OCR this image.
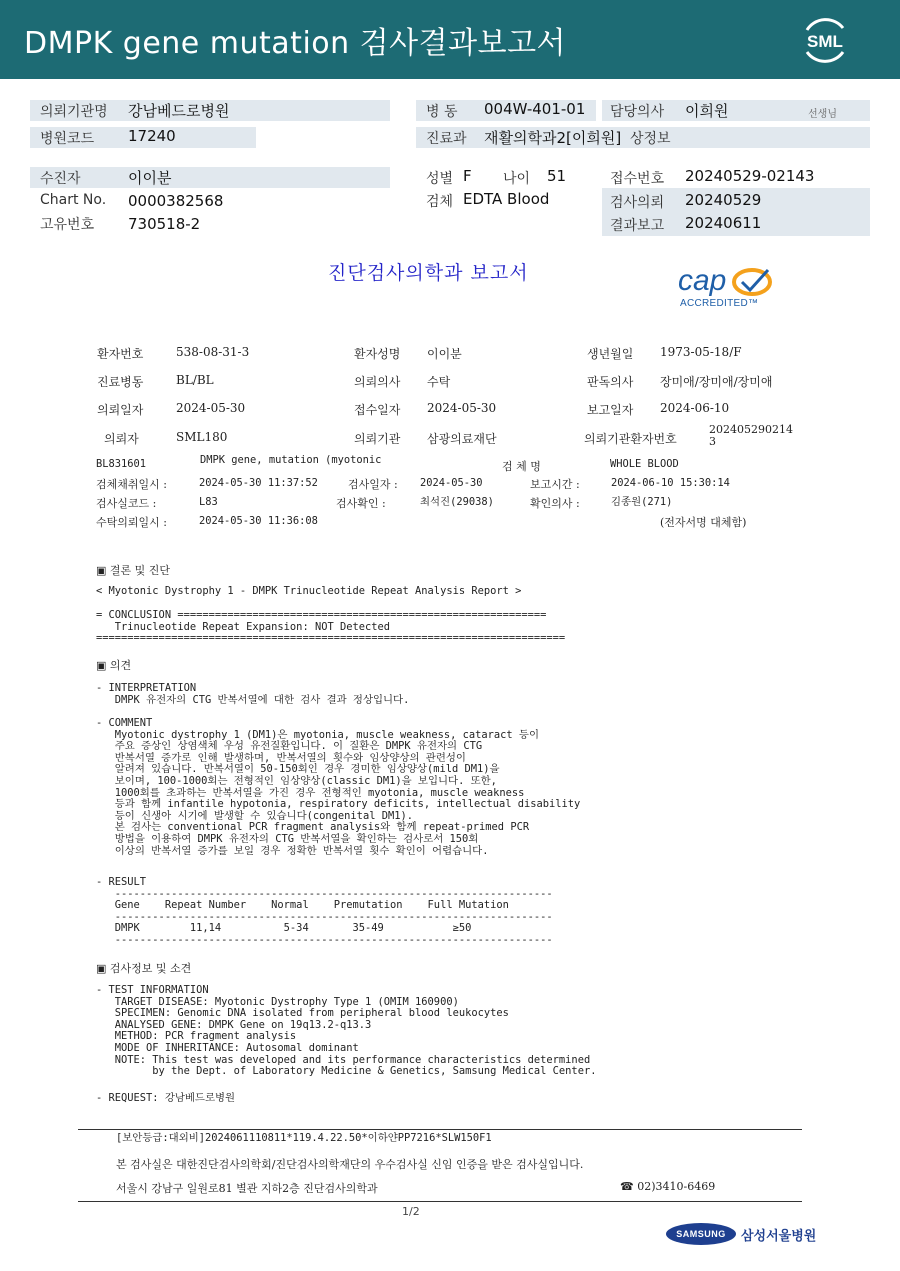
DMPK gene mutation 검사결과보고서	SML
의뢰기관명 강남베드로병원
병원코드 17240
병 동 004W-401-01 담당의사 이희원	선생님
진료과 재활의학과2[이희원] 상정보
수진자	이이분
Chart No. 0000382568
고유번호 730518-2
성별 F 나이 51
검체 EDTA Blood
접수번호 20240529-02143
검사의뢰 20240529
결과보고 20240611
진단검사의학과 보고서	cap
ACCREDITED™
환자번호	538-08-31-3	환자성명 이이분	생년월일 1973-05-18/F
진료병동	BL/BL	의뢰의사 수탁	판독의사 장미애/장미애/장미애
의뢰일자	2024-05-30	접수일자 2024-05-30	보고일자 2024-06-10
의뢰자	SML180	의뢰기관 삼광의료재단	의뢰기관환자번호
202405290214
3
BL831601	DMPK gene, mutation (myotonic	검 체 명	WHOLE BLOOD
검체채취일시 :	2024-05-30 11:37:52	검사일자 : 2024-05-30	보고시간 :	2024-06-10 15:30:14
검사실코드 :	L83	검사확인 :	최석진(29038)	확인의사 :	김종원(271)
수탁의뢰일시 :	2024-05-30 11:36:08	(전자서명 대체함)
▣ 결론 및 진단
< Myotonic Dystrophy 1 - DMPK Trinucleotide Repeat Analysis Report >
= CONCLUSION ===========================================================
Trinucleotide Repeat Expansion: NOT Detected
===========================================================================
▣ 의견
- INTERPRETATION
DMPK 유전자의 CTG 반복서열에 대한 검사 결과 정상입니다.
- COMMENT
Myotonic dystrophy 1 (DM1)은 myotonia, muscle weakness, cataract 등이
주요 증상인 상염색체 우성 유전질환입니다. 이 질환은 DMPK 유전자의 CTG
반복서열 증가로 인해 발생하며, 반복서열의 횟수와 임상양상의 관련성이
알려져 있습니다. 반복서열이 50-150회인 경우 경미한 임상양상(mild DM1)을
보이며, 100-1000회는 전형적인 임상양상(classic DM1)을 보입니다. 또한,
1000회를 초과하는 반복서열을 가진 경우 전형적인 myotonia, muscle weakness
등과 함께 infantile hypotonia, respiratory deficits, intellectual disability
등이 신생아 시기에 발생할 수 있습니다(congenital DM1).
본 검사는 conventional PCR fragment analysis와 함께 repeat-primed PCR
방법을 이용하여 DMPK 유전자의 CTG 반복서열을 확인하는 검사로서 150회
이상의 반복서열 증가를 보일 경우 정확한 반복서열 횟수 확인이 어렵습니다.
- RESULT
----------------------------------------------------------------------
Gene    Repeat Number    Normal    Premutation    Full Mutation
----------------------------------------------------------------------
DMPK        11,14          5-34       35-49           ≥50
----------------------------------------------------------------------
▣ 검사정보 및 소견
- TEST INFORMATION
TARGET DISEASE: Myotonic Dystrophy Type 1 (OMIM 160900)
SPECIMEN: Genomic DNA isolated from peripheral blood leukocytes
ANALYSED GENE: DMPK Gene on 19q13.2-q13.3
METHOD: PCR fragment analysis
MODE OF INHERITANCE: Autosomal dominant
NOTE: This test was developed and its performance characteristics determined
by the Dept. of Laboratory Medicine & Genetics, Samsung Medical Center.
- REQUEST: 강남베드로병원
[보안등급:대외비]2024061110811*119.4.22.50*이하얀PP7216*SLW150F1
본 검사실은 대한진단검사의학회/진단검사의학재단의 우수검사실 신임 인증을 받은 검사실입니다.
서울시 강남구 일원로81 별관 지하2층 진단검사의학과	☎ 02)3410-6469
1/2
SAMSUNG	삼성서울병원
